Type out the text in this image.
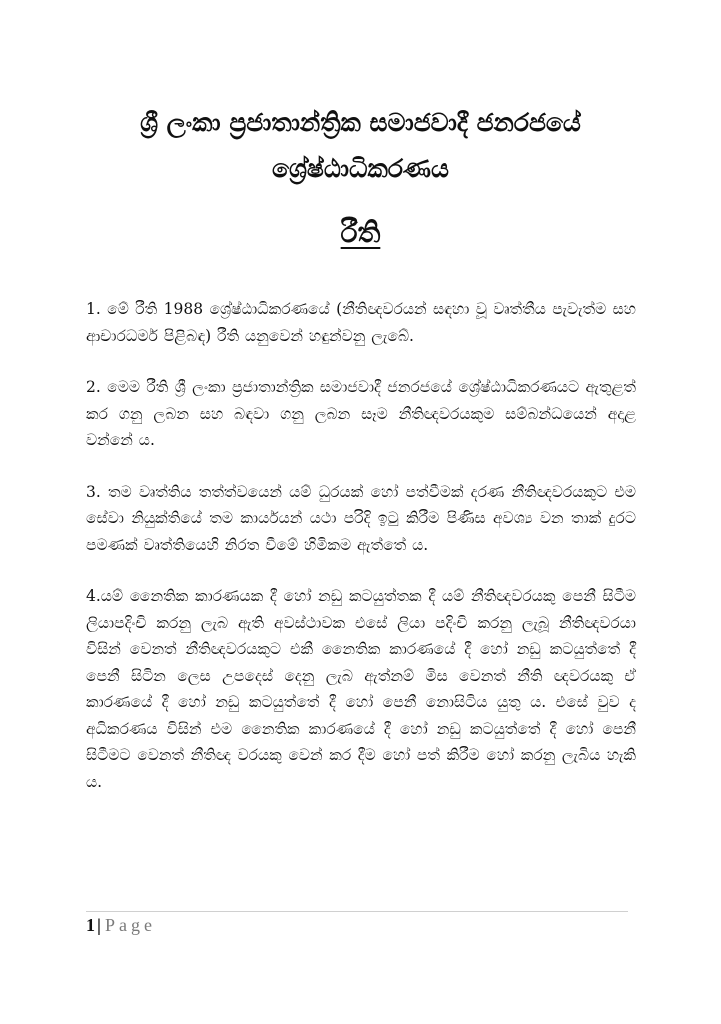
ශ්‍රී ලංකා ප්‍රජාතාන්ත්‍රික සමාජවාදී ජනරජයේ ශ්‍රේෂ්ඨාධිකරණය
රීති

1. මේ රීති 1988 ශ්‍රේෂ්ඨාධිකරණයේ (නීතිඥවරයන් සඳහා වූ වෘත්තීය පැවැත්ම සහ ආචාරධර්ම පිළිබඳ) රීති යනුවෙන් හඳුන්වනු ලැබේ.

2. මෙම රීති ශ්‍රී ලංකා ප්‍රජාතාන්ත්‍රික සමාජවාදී ජනරජයේ ශ්‍රේෂ්ඨාධිකරණයට ඇතුළත් කර ගනු ලබන සහ බඳවා ගනු ලබන සෑම නීතිඥවරයකුම සම්බන්ධයෙන් අදාළ වන්නේ ය.

3. තම වෘත්තිය තත්ත්වයෙන් යම් ධුරයක් හෝ පත්වීමක් දරණ නීතිඥවරයකුට එම සේවා නියුක්තියේ තම කාර්යයන් යථා පරිදි ඉටු කිරීම පිණිස අවශ්‍ය වන තාක් දුරට පමණක් වෘත්තියෙහි නිරත වීමේ හිමිකම ඇත්තේ ය.

4.යම් නෛතික කාරණයක දී හෝ නඩු කටයුත්තක දී යම් නීතිඥවරයකු පෙනී සිටීම ලියාපදිංචි කරනු ලැබ ඇති අවස්ථාවක එසේ ලියා පදිංචි කරනු ලැබූ නීතිඥවරයා විසින් වෙනත් නීතිඥවරයකුට එකී නෛතික කාරණයේ දී හෝ නඩු කටයුත්තේ දී පෙනී සිටින ලෙස උපදෙස් දෙනු ලැබ ඇත්නම් මිස වෙනත් නීති ඥවරයකු ඒ කාරණයේ දී හෝ නඩු කටයුත්තේ දී හෝ පෙනී නොසිටිය යුතු ය. එසේ වුව ද අධිකරණය විසින් එම නෛතික කාරණයේ දී හෝ නඩු කටයුත්තේ දී හෝ පෙනී සිටීමට වෙනත් නීතිඥ වරයකු වෙන් කර දීම හෝ පත් කිරීම හෝ කරනු ලැබිය හැකි ය.

1 | Page
